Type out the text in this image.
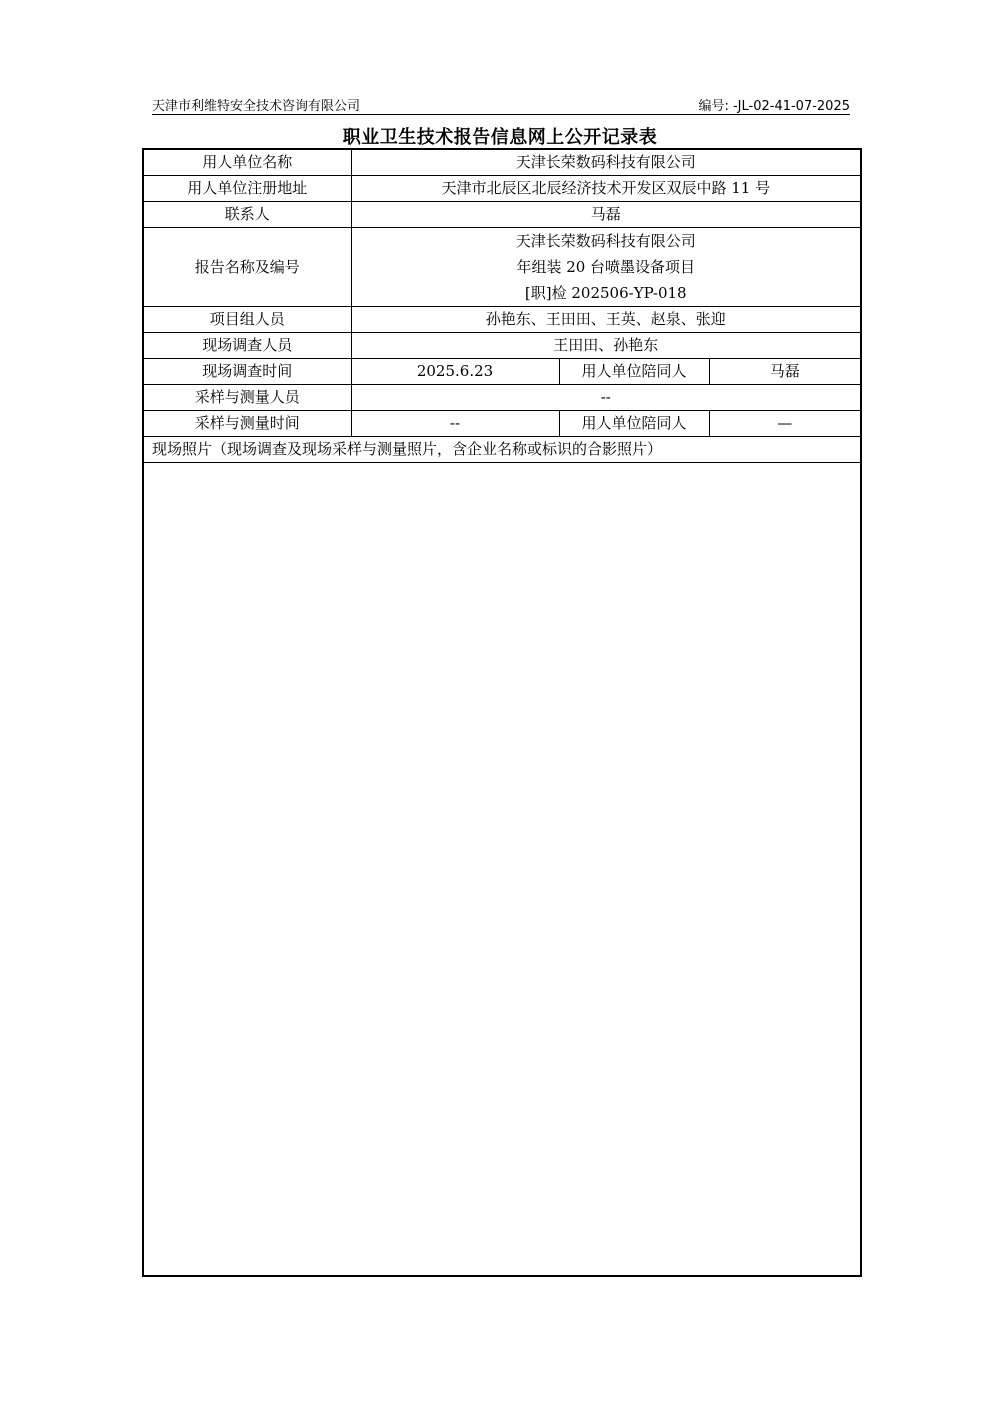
天津市利维特安全技术咨询有限公司	编号: -JL-02-41-07-2025
职业卫生技术报告信息网上公开记录表
用人单位名称	天津长荣数码科技有限公司		
用人单位注册地址	天津市北辰区北辰经济技术开发区双辰中路 11 号		
联系人	马磊		
报告名称及编号	天津长荣数码科技有限公司
年组装 20 台喷墨设备项目
[职]检 202506-YP-018		

项目组人员	孙艳东、王田田、王英、赵泉、张迎		
现场调查人员	王田田、孙艳东		
现场调查时间	2025.6.23	用人单位陪同人	马磊
采样与测量人员	--		
采样与测量时间	--	用人单位陪同人	—
现场照片（现场调查及现场采样与测量照片，含企业名称或标识的合影照片）			
